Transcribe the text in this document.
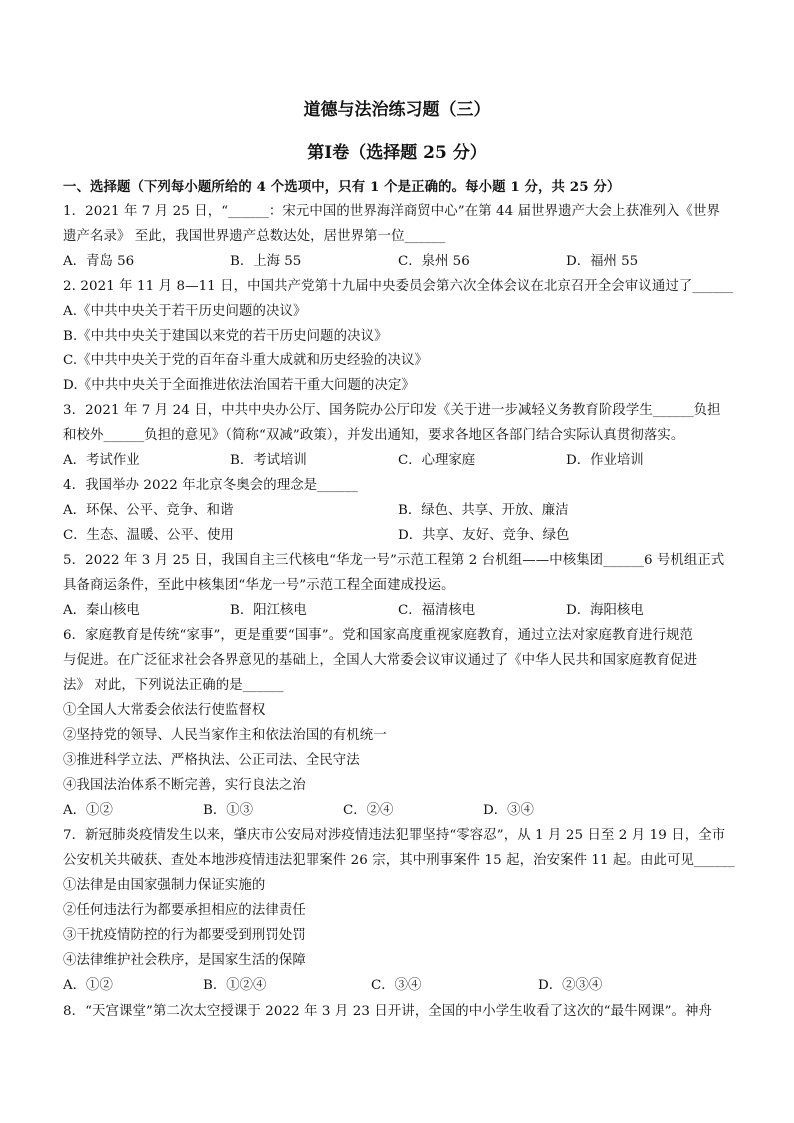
道德与法治练习题（三）
第Ⅰ卷（选择题 25 分）
一、选择题（下列每小题所给的 4 个选项中，只有 1 个是正确的。每小题 1 分，共 25 分）
1．2021 年 7 月 25 日，“______：宋元中国的世界海洋商贸中心”在第 44 届世界遗产大会上获准列入《世界
遗产名录》 至此，我国世界遗产总数达处，居世界第一位______
A．青岛 56	B．上海 55	C．泉州 56	D．福州 55
2. 2021 年 11 月 8—11 日，中国共产党第十九届中央委员会第六次全体会议在北京召开全会审议通过了______
A.《中共中央关于若干历史问题的决议》
B.《中共中央关于建国以来党的若干历史问题的决议》
C.《中共中央关于党的百年奋斗重大成就和历史经验的决议》
D.《中共中央关于全面推进依法治国若干重大问题的决定》
3．2021 年 7 月 24 日，中共中央办公厅、国务院办公厅印发《关于进一步减轻义务教育阶段学生______负担
和校外______负担的意见》（简称“双减”政策），并发出通知，要求各地区各部门结合实际认真贯彻落实。
A．考试作业	B．考试培训	C．心理家庭	D．作业培训
4．我国举办 2022 年北京冬奥会的理念是______
A．环保、公平、竞争、和谐	B．绿色、共享、开放、廉洁
C．生态、温暖、公平、使用	D．共享、友好、竞争、绿色
5．2022 年 3 月 25 日，我国自主三代核电“华龙一号”示范工程第 2 台机组——中核集团______6 号机组正式
具备商运条件，至此中核集团“华龙一号”示范工程全面建成投运。
A．秦山核电	B．阳江核电	C．福清核电	D．海阳核电
6．家庭教育是传统“家事”，更是重要“国事”。党和国家高度重视家庭教育，通过立法对家庭教育进行规范
与促进。在广泛征求社会各界意见的基础上，全国人大常委会议审议通过了《中华人民共和国家庭教育促进
法》 对此，下列说法正确的是______
①全国人大常委会依法行使监督权
②坚持党的领导、人民当家作主和依法治国的有机统一
③推进科学立法、严格执法、公正司法、全民守法
④我国法治体系不断完善，实行良法之治
A．①②	B．①③	C．②④	D．③④
7．新冠肺炎疫情发生以来，肇庆市公安局对涉疫情违法犯罪坚持“零容忍”，从 1 月 25 日至 2 月 19 日，全市
公安机关共破获、查处本地涉疫情违法犯罪案件 26 宗，其中刑事案件 15 起，治安案件 11 起。由此可见______
①法律是由国家强制力保证实施的
②任何违法行为都要承担相应的法律责任
③干扰疫情防控的行为都要受到刑罚处罚
④法律维护社会秩序，是国家生活的保障
A．①②	B．①②④	C．③④	D．②③④
8．“天宫课堂”第二次太空授课于 2022 年 3 月 23 日开讲，全国的中小学生收看了这次的“最牛网课”。神舟
